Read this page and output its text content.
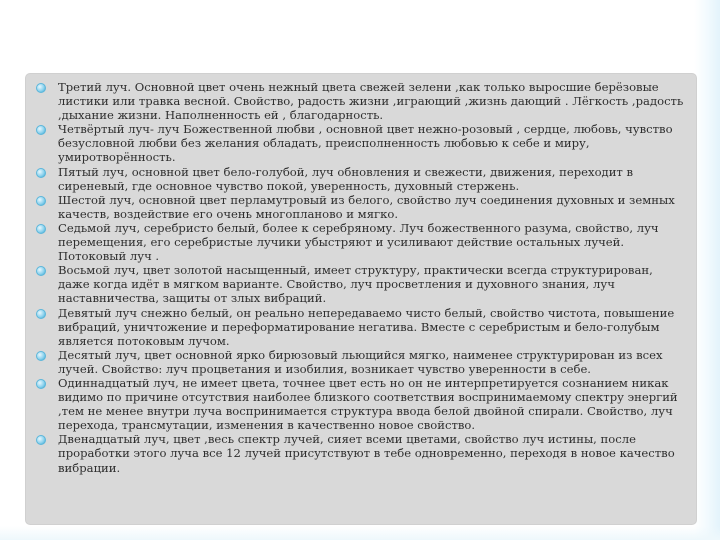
Третий луч. Основной цвет очень нежный цвета свежей зелени ,как только выросшие берёзовые листики или травка весной. Свойство, радость жизни ,играющий ,жизнь дающий . Лёгкость ,радость ,дыхание жизни. Наполненность ей , благодарность.
Четвёртый луч- луч Божественной любви , основной цвет нежно-розовый , сердце, любовь, чувство безусловной любви без желания обладать, преисполненность любовью к себе и миру, умиротворённость.
Пятый луч, основной цвет бело-голубой, луч обновления и свежести, движения, переходит в сиреневый, где основное чувство покой, уверенность, духовный стержень.
Шестой луч, основной цвет перламутровый из белого, свойство луч соединения духовных и земных качеств, воздействие его очень многопланово и мягко.
Седьмой луч, серебристо белый, более к серебряному. Луч божественного разума, свойство, луч перемещения, его серебристые лучики убыстряют и усиливают действие остальных лучей. Потоковый луч .
Восьмой луч, цвет золотой насыщенный, имеет структуру, практически всегда структурирован, даже когда идёт в мягком варианте. Свойство, луч просветления и духовного знания, луч наставничества, защиты от злых вибраций.
Девятый луч снежно белый, он реально непередаваемо чисто белый, свойство чистота, повышение вибраций, уничтожение и переформатирование негатива. Вместе с серебристым и бело-голубым является потоковым лучом.
Десятый луч, цвет основной ярко бирюзовый льющийся мягко, наименее структурирован из всех лучей. Свойство: луч процветания и изобилия, возникает чувство уверенности в себе.
Одиннадцатый луч, не имеет цвета, точнее цвет есть но он не интерпретируется сознанием никак видимо по причине отсутствия наиболее близкого соответствия воспринимаемому спектру энергий ,тем не менее внутри луча воспринимается структура ввода белой двойной спирали. Свойство, луч перехода, трансмутации, изменения в качественно новое свойство.
Двенадцатый луч, цвет ,весь спектр лучей, сияет всеми цветами, свойство луч истины, после проработки этого луча все 12 лучей присутствуют в тебе одновременно, переходя в новое качество вибрации.
